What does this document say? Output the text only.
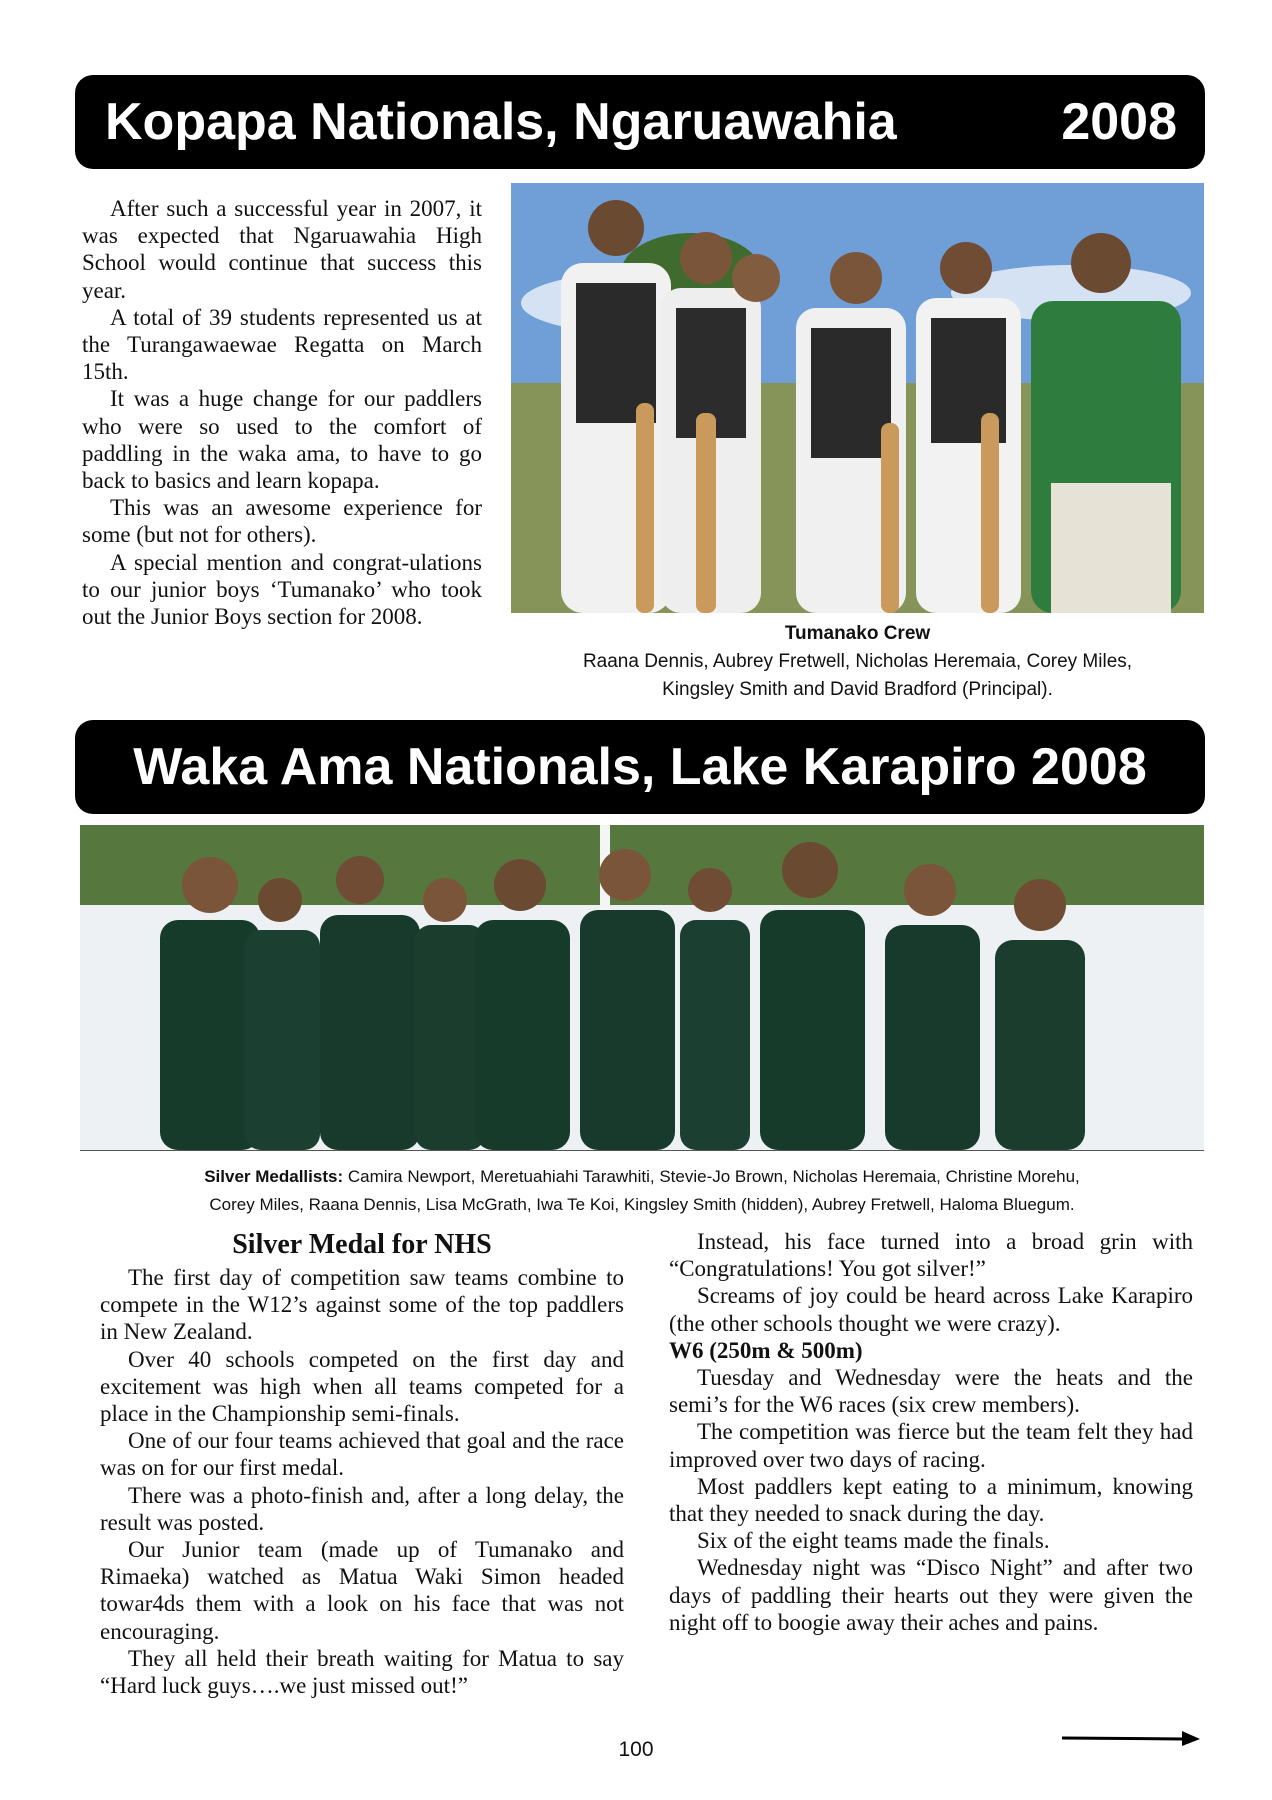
Kopapa Nationals, Ngaruawahia	2008

After such a successful year in 2007, it was expected that Ngaruawahia High School would continue that success this year.

A total of 39 students represented us at the Turangawaewae Regatta on March 15th.

It was a huge change for our paddlers who were so used to the comfort of paddling in the waka ama, to have to go back to basics and learn kopapa.

This was an awesome experience for some (but not for others).

A special mention and congrat-ulations to our junior boys ‘Tumanako’ who took out the Junior Boys section for 2008.

Tumanako Crew
Raana Dennis, Aubrey Fretwell, Nicholas Heremaia, Corey Miles,
Kingsley Smith and David Bradford (Principal).
Waka Ama Nationals, Lake Karapiro 2008
Silver Medallists: Camira Newport, Meretuahiahi Tarawhiti, Stevie-Jo Brown, Nicholas Heremaia, Christine Morehu,
Corey Miles, Raana Dennis, Lisa McGrath, Iwa Te Koi, Kingsley Smith (hidden), Aubrey Fretwell, Haloma Bluegum.
Silver Medal for NHS

The first day of competition saw teams combine to compete in the W12’s against some of the top paddlers in New Zealand.

Over 40 schools competed on the first day and excitement was high when all teams competed for a place in the Championship semi-finals.

One of our four teams achieved that goal and the race was on for our first medal.

There was a photo-finish and, after a long delay, the result was posted.

Our Junior team (made up of Tumanako and Rimaeka) watched as Matua Waki Simon headed towar4ds them with a look on his face that was not encouraging.

They all held their breath waiting for Matua to say “Hard luck guys….we just missed out!”

Instead, his face turned into a broad grin with “Congratulations! You got silver!”

Screams of joy could be heard across Lake Karapiro (the other schools thought we were crazy).

W6 (250m & 500m)

Tuesday and Wednesday were the heats and the semi’s for the W6 races (six crew members).

The competition was fierce but the team felt they had improved over two days of racing.

Most paddlers kept eating to a minimum, knowing that they needed to snack during the day.

Six of the eight teams made the finals.

Wednesday night was “Disco Night” and after two days of paddling their hearts out they were given the night off to boogie away their aches and pains.

100
